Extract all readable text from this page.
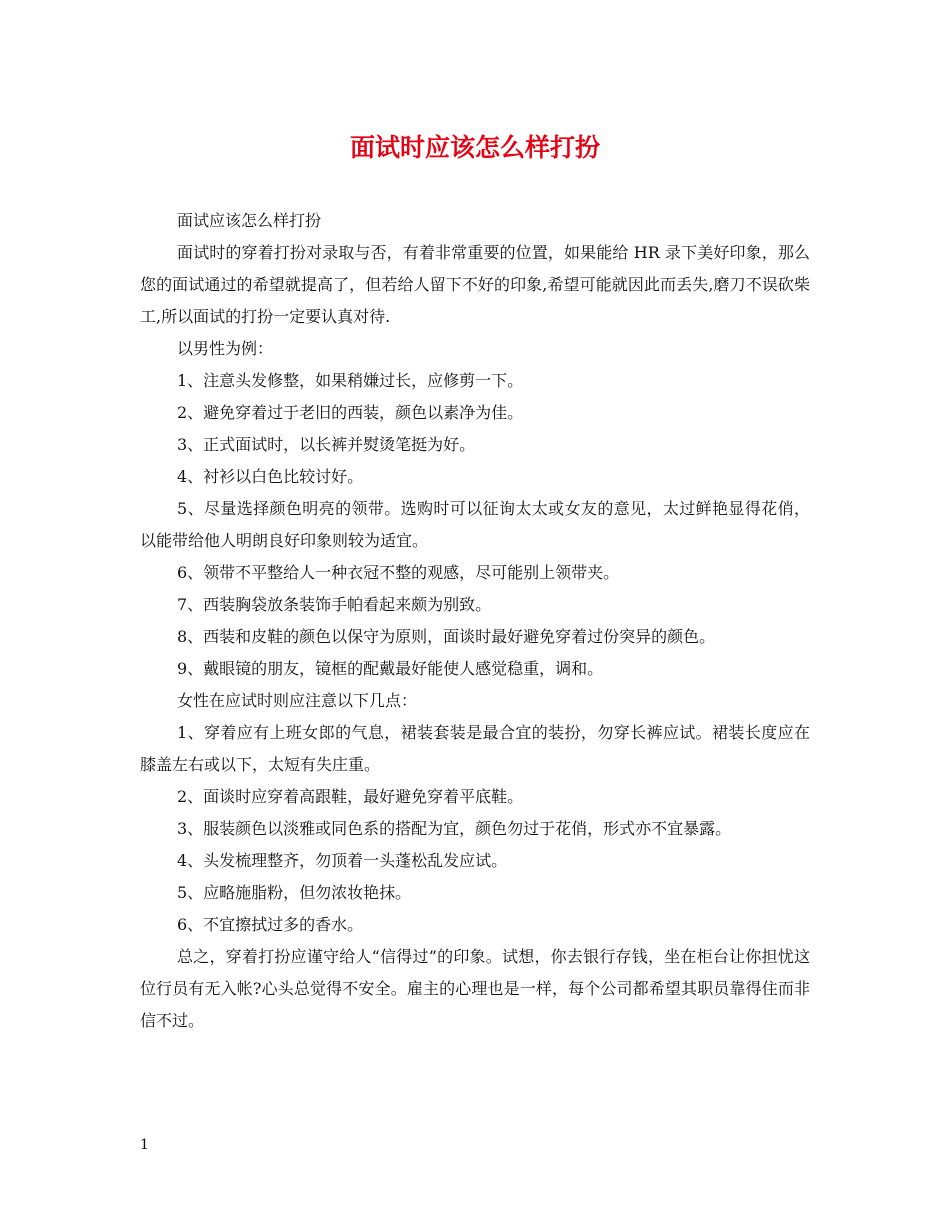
面试时应该怎么样打扮

面试应该怎么样打扮

面试时的穿着打扮对录取与否，有着非常重要的位置，如果能给 HR 录下美好印象，那么您的面试通过的希望就提高了，但若给人留下不好的印象,希望可能就因此而丢失,磨刀不误砍柴工,所以面试的打扮一定要认真对待.

以男性为例：

1、注意头发修整，如果稍嫌过长，应修剪一下。

2、避免穿着过于老旧的西装，颜色以素净为佳。

3、正式面试时，以长裤并熨烫笔挺为好。

4、衬衫以白色比较讨好。

5、尽量选择颜色明亮的领带。选购时可以征询太太或女友的意见，太过鲜艳显得花俏，以能带给他人明朗良好印象则较为适宜。

6、领带不平整给人一种衣冠不整的观感，尽可能别上领带夹。

7、西装胸袋放条装饰手帕看起来颇为别致。

8、西装和皮鞋的颜色以保守为原则，面谈时最好避免穿着过份突异的颜色。

9、戴眼镜的朋友，镜框的配戴最好能使人感觉稳重，调和。

女性在应试时则应注意以下几点：

1、穿着应有上班女郎的气息，裙装套装是最合宜的装扮，勿穿长裤应试。裙装长度应在膝盖左右或以下，太短有失庄重。

2、面谈时应穿着高跟鞋，最好避免穿着平底鞋。

3、服装颜色以淡雅或同色系的搭配为宜，颜色勿过于花俏，形式亦不宜暴露。

4、头发梳理整齐，勿顶着一头蓬松乱发应试。

5、应略施脂粉，但勿浓妆艳抹。

6、不宜擦拭过多的香水。

总之，穿着打扮应谨守给人“信得过”的印象。试想，你去银行存钱，坐在柜台让你担忧这位行员有无入帐?心头总觉得不安全。雇主的心理也是一样，每个公司都希望其职员靠得住而非信不过。

1
